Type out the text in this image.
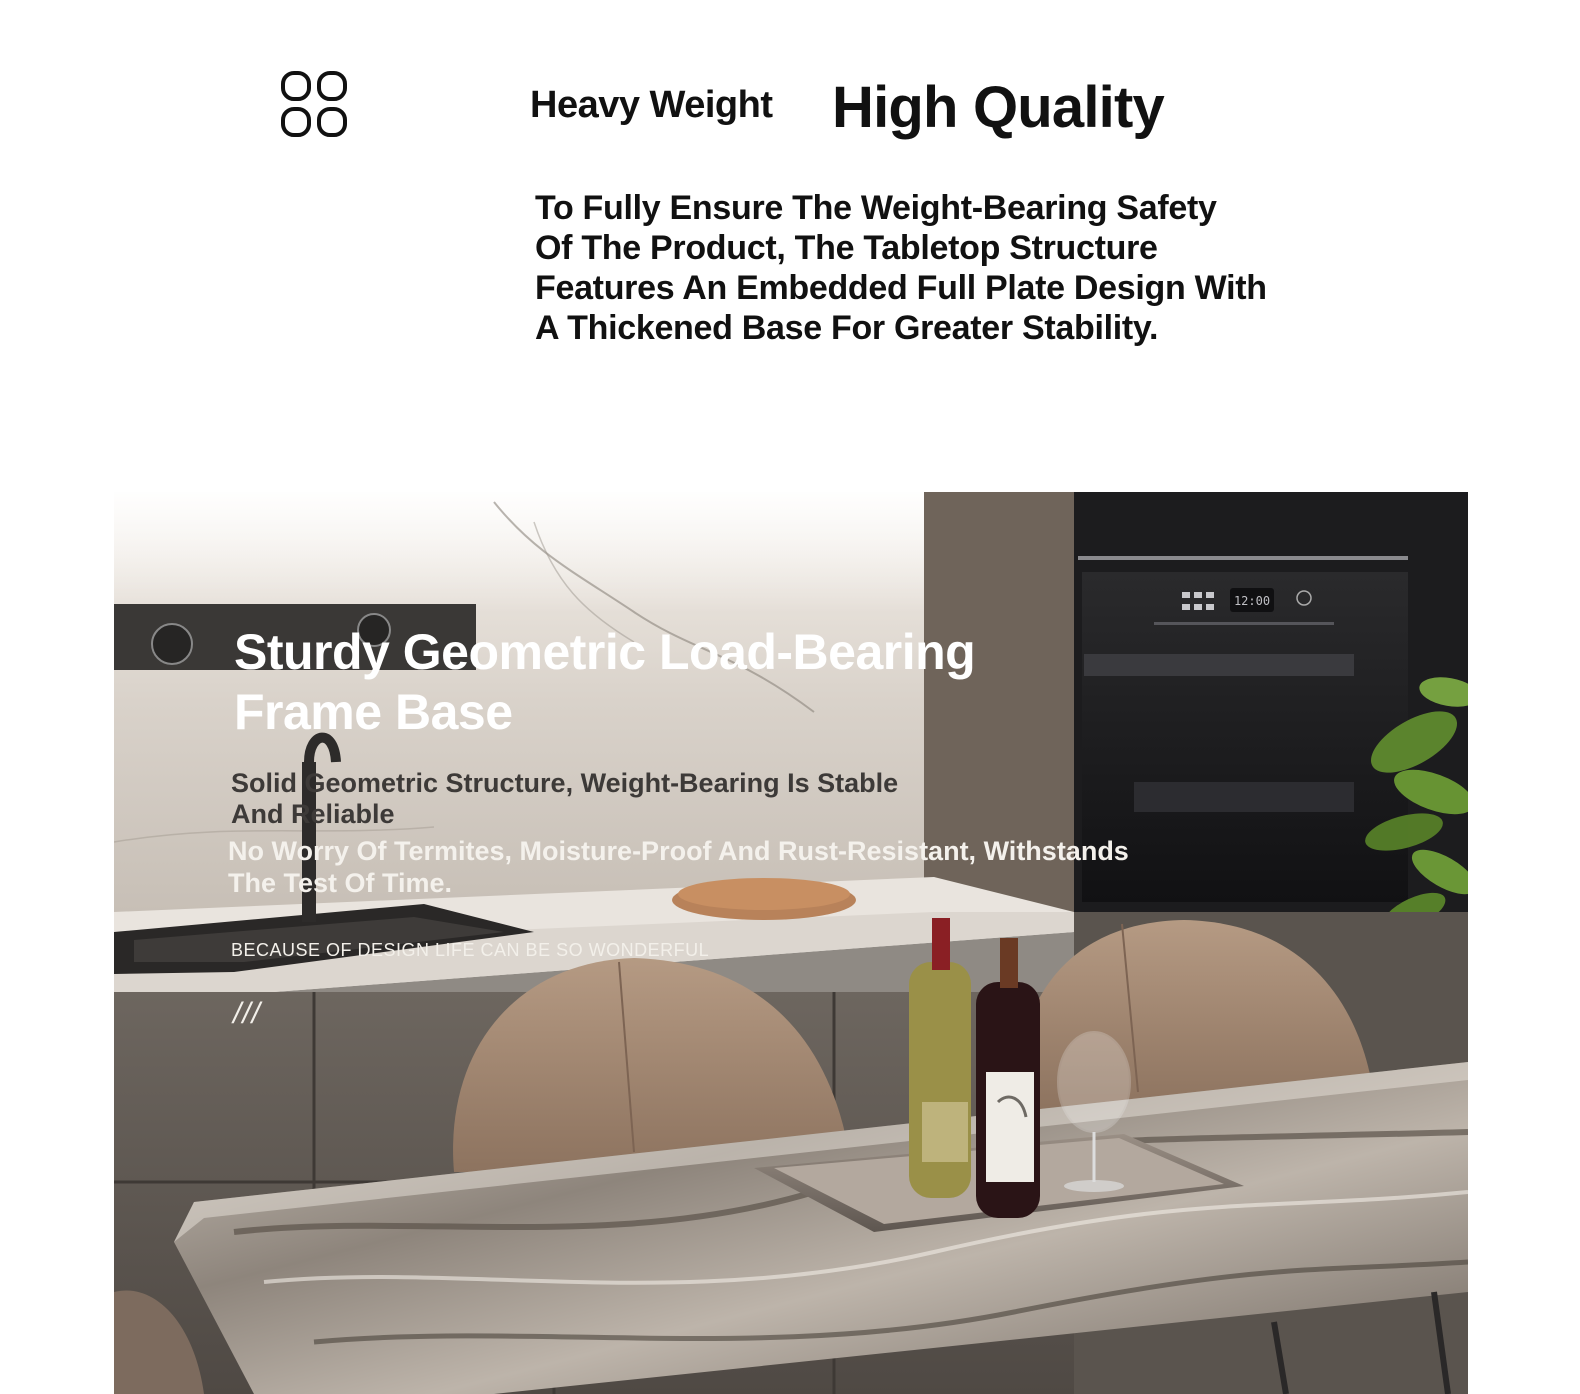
Heavy Weight High Quality
To Fully Ensure The Weight-Bearing Safety
Of The Product, The Tabletop Structure
Features An Embedded Full Plate Design With
A Thickened Base For Greater Stability.
12:00
Sturdy Geometric Load-Bearing
Frame Base
Solid Geometric Structure, Weight-Bearing Is Stable
And Reliable
No Worry Of Termites, Moisture-Proof And Rust-Resistant, Withstands
The Test Of Time.
BECAUSE OF DESIGN LIFE CAN BE SO WONDERFUL
///
